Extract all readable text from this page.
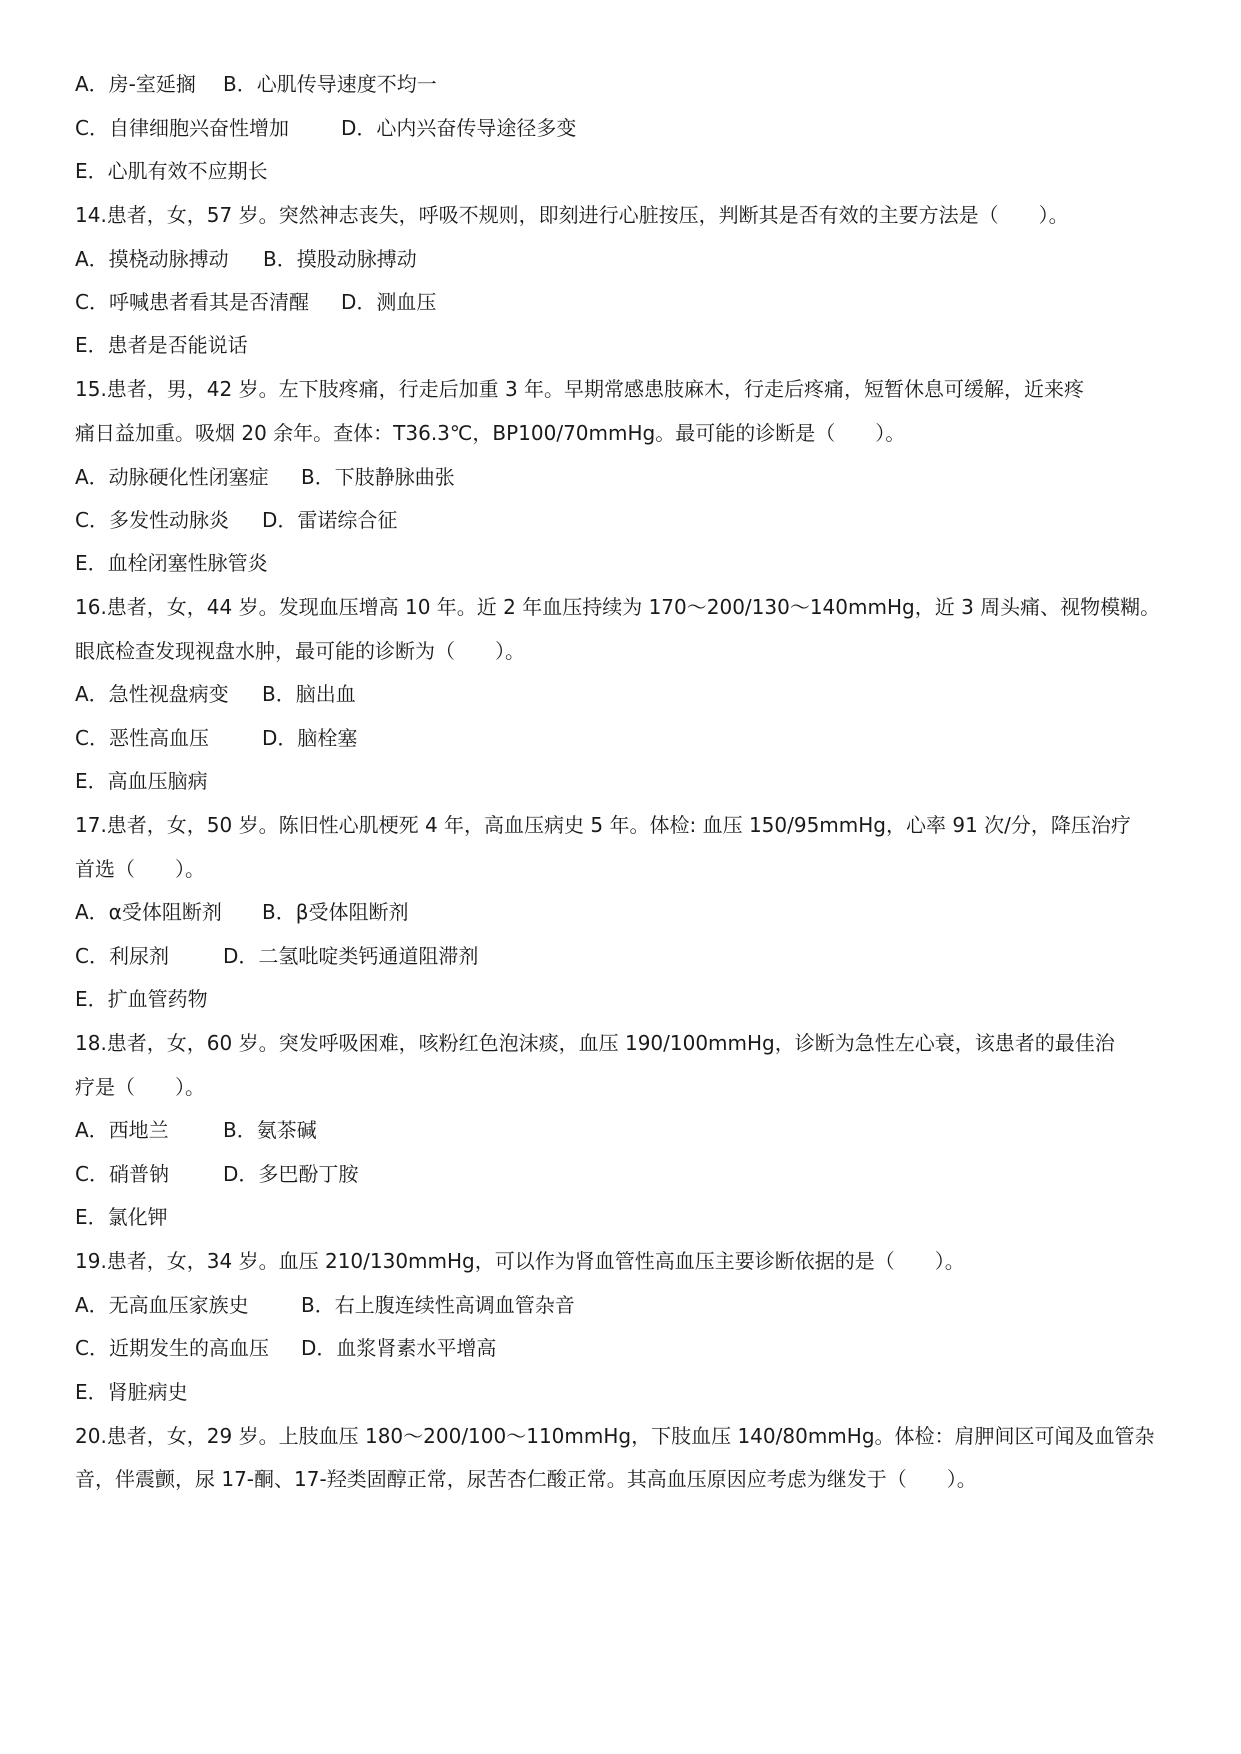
A．房-室延搁 B．心肌传导速度不均一
C．自律细胞兴奋性增加	D．心内兴奋传导途径多变
E．心肌有效不应期长
14.患者，女，57 岁。突然神志丧失，呼吸不规则，即刻进行心脏按压，判断其是否有效的主要方法是（　　）。
A．摸桡动脉搏动 B．摸股动脉搏动
C．呼喊患者看其是否清醒 D．测血压
E．患者是否能说话
15.患者，男，42 岁。左下肢疼痛，行走后加重 3 年。早期常感患肢麻木，行走后疼痛，短暂休息可缓解，近来疼
痛日益加重。吸烟 20 余年。查体：T36.3℃，BP100/70mmHg。最可能的诊断是（　　）。
A．动脉硬化性闭塞症 B．下肢静脉曲张
C．多发性动脉炎 D．雷诺综合征
E．血栓闭塞性脉管炎
16.患者，女，44 岁。发现血压增高 10 年。近 2 年血压持续为 170～200/130～140mmHg，近 3 周头痛、视物模糊。
眼底检查发现视盘水肿，最可能的诊断为（　　）。
A．急性视盘病变 B．脑出血
C．恶性高血压	D．脑栓塞
E．高血压脑病
17.患者，女，50 岁。陈旧性心肌梗死 4 年，高血压病史 5 年。体检: 血压 150/95mmHg，心率 91 次/分，降压治疗
首选（　　）。
A．α受体阻断剂 B．β受体阻断剂
C．利尿剂	D．二氢吡啶类钙通道阻滞剂
E．扩血管药物
18.患者，女，60 岁。突发呼吸困难，咳粉红色泡沫痰，血压 190/100mmHg，诊断为急性左心衰，该患者的最佳治
疗是（　　）。
A．西地兰	B．氨茶碱
C．硝普钠	D．多巴酚丁胺
E．氯化钾
19.患者，女，34 岁。血压 210/130mmHg，可以作为肾血管性高血压主要诊断依据的是（　　）。
A．无高血压家族史	B．右上腹连续性高调血管杂音
C．近期发生的高血压 D．血浆肾素水平增高
E．肾脏病史
20.患者，女，29 岁。上肢血压 180～200/100～110mmHg，下肢血压 140/80mmHg。体检：肩胛间区可闻及血管杂
音，伴震颤，尿 17-酮、17-羟类固醇正常，尿苦杏仁酸正常。其高血压原因应考虑为继发于（　　）。
